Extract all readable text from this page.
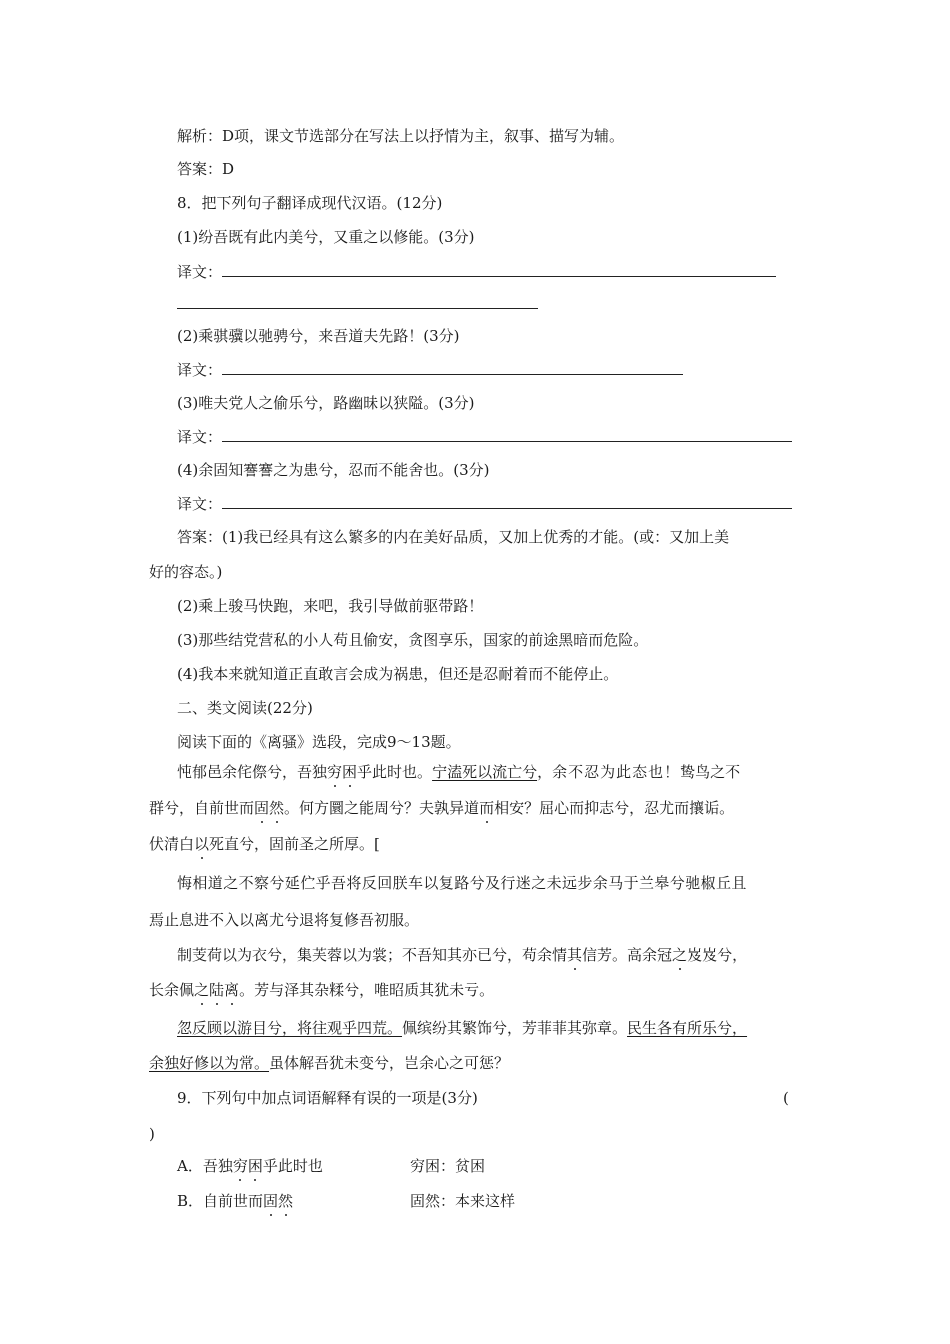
解析：D项，课文节选部分在写法上以抒情为主，叙事、描写为辅。
答案：D
8．把下列句子翻译成现代汉语。(12分)
(1)纷吾既有此内美兮，又重之以修能。(3分)
译文：
(2)乘骐骥以驰骋兮，来吾道夫先路！(3分)
译文：
(3)唯夫党人之偷乐兮，路幽昧以狭隘。(3分)
译文：
(4)余固知謇謇之为患兮，忍而不能舍也。(3分)
译文：
答案：(1)我已经具有这么繁多的内在美好品质，又加上优秀的才能。(或：又加上美
好的容态。)
(2)乘上骏马快跑，来吧，我引导做前驱带路！
(3)那些结党营私的小人苟且偷安，贪图享乐，国家的前途黑暗而危险。
(4)我本来就知道正直敢言会成为祸患，但还是忍耐着而不能停止。
二、类文阅读(22分)
阅读下面的《离骚》选段，完成9～13题。
忳郁邑余侘傺兮，吾独穷困乎此时也。宁溘死以流亡兮，余不忍为此态也！鸷鸟之不
群兮，自前世而固然。何方圜之能周兮？夫孰异道而相安？屈心而抑志兮，忍尤而攘诟。
伏清白以死直兮，固前圣之所厚。[
悔相道之不察兮延伫乎吾将反回朕车以复路兮及行迷之未远步余马于兰皋兮驰椒丘且
焉止息进不入以离尤兮退将复修吾初服。
制芰荷以为衣兮，集芙蓉以为裳；不吾知其亦已兮，苟余情其信芳。高余冠之岌岌兮，
长余佩之陆离。芳与泽其杂糅兮，唯昭质其犹未亏。
忽反顾以游目兮，将往观乎四荒。佩缤纷其繁饰兮，芳菲菲其弥章。民生各有所乐兮，
余独好修以为常。虽体解吾犹未变兮，岂余心之可惩？
9．下列句中加点词语解释有误的一项是(3分)	(
)
A．吾独穷困乎此时也	穷困：贫困
B．自前世而固然	固然：本来这样
